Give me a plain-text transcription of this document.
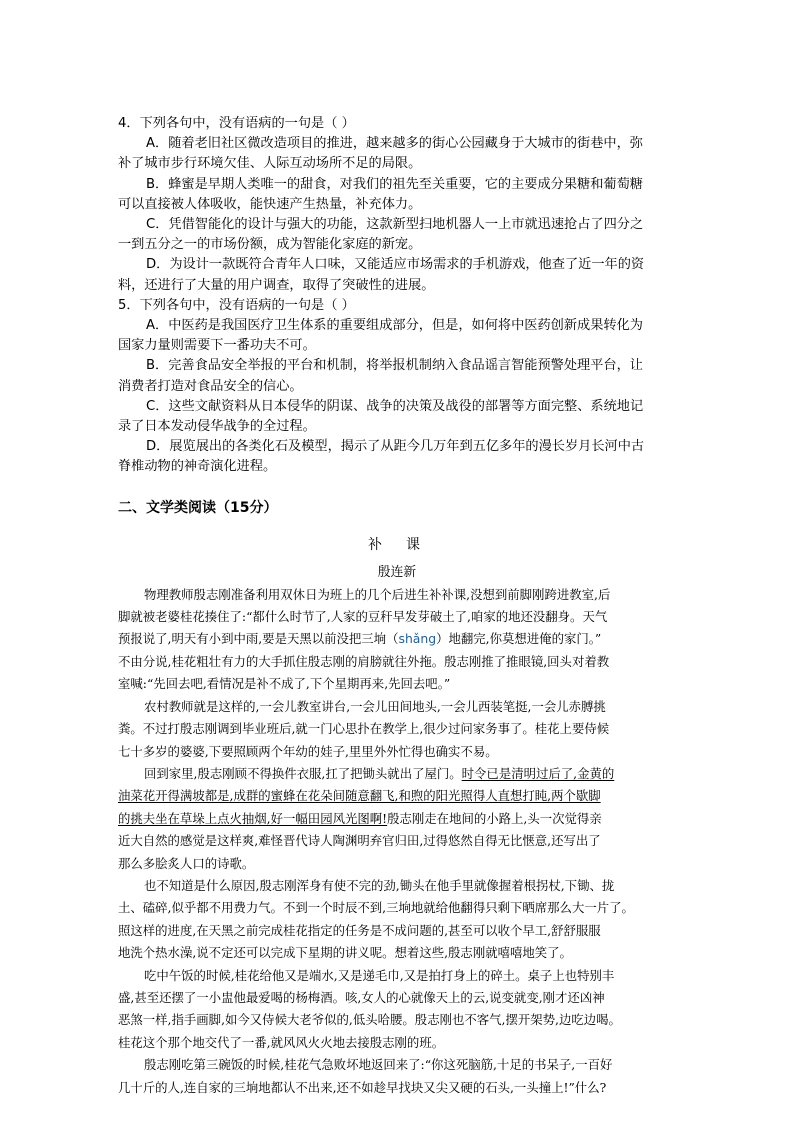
4．下列各句中，没有语病的一句是（ ）
A．随着老旧社区微改造项目的推进，越来越多的街心公园藏身于大城市的街巷中，弥
补了城市步行环境欠佳、人际互动场所不足的局限。
B．蜂蜜是早期人类唯一的甜食，对我们的祖先至关重要，它的主要成分果糖和葡萄糖
可以直接被人体吸收，能快速产生热量，补充体力。
C．凭借智能化的设计与强大的功能，这款新型扫地机器人一上市就迅速抢占了四分之
一到五分之一的市场份额，成为智能化家庭的新宠。
D．为设计一款既符合青年人口味，又能适应市场需求的手机游戏，他查了近一年的资
料，还进行了大量的用户调查，取得了突破性的进展。
5．下列各句中，没有语病的一句是（ ）
A．中医药是我国医疗卫生体系的重要组成部分，但是，如何将中医药创新成果转化为
国家力量则需要下一番功夫不可。
B．完善食品安全举报的平台和机制，将举报机制纳入食品谣言智能预警处理平台，让
消费者打造对食品安全的信心。
C．这些文献资料从日本侵华的阴谋、战争的决策及战役的部署等方面完整、系统地记
录了日本发动侵华战争的全过程。
D．展览展出的各类化石及模型，揭示了从距今几万年到五亿多年的漫长岁月长河中古
脊椎动物的神奇演化进程。
二、文学类阅读（15分）
补课
殷连新

物理教师殷志刚准备利用双休日为班上的几个后进生补补课,没想到前脚刚跨进教室,后
脚就被老婆桂花揍住了:“都什么时节了,人家的豆秆早发芽破土了,咱家的地还没翻身。天气
预报说了,明天有小到中雨,要是天黑以前没把三垧（shǎng）地翻完,你莫想进俺的家门。”
不由分说,桂花粗壮有力的大手抓住殷志刚的肩膀就往外拖。殷志刚推了推眼镜,回头对着教
室喊:“先回去吧,看情况是补不成了,下个星期再来,先回去吧。”

农村教师就是这样的,一会儿教室讲台,一会儿田间地头,一会儿西装笔挺,一会儿赤膊挑
粪。不过打殷志刚调到毕业班后,就一门心思扑在教学上,很少过问家务事了。桂花上要侍候
七十多岁的婆婆,下要照顾两个年幼的娃子,里里外外忙得也确实不易。

回到家里,殷志刚顾不得换件衣服,扛了把锄头就出了屋门。时令已是清明过后了,金黄的
油菜花开得满坡都是,成群的蜜蜂在花朵间随意翻飞,和煦的阳光照得人直想打盹,两个歇脚
的挑夫坐在草垛上点火抽烟,好一幅田园风光图啊!殷志刚走在地间的小路上,头一次觉得亲
近大自然的感觉是这样爽,难怪晋代诗人陶渊明弃官归田,过得悠然自得无比惬意,还写出了
那么多脍炙人口的诗歌。

也不知道是什么原因,殷志刚浑身有使不完的劲,锄头在他手里就像握着根拐杖,下锄、拢
土、磕碎,似乎都不用费力气。不到一个时辰不到,三垧地就给他翻得只剩下晒席那么大一片了。
照这样的进度,在天黑之前完成桂花指定的任务是不成问题的,甚至可以收个早工,舒舒服服
地洗个热水澡,说不定还可以完成下星期的讲义呢。想着这些,殷志刚就嘻嘻地笑了。

吃中午饭的时候,桂花给他又是端水,又是递毛巾,又是拍打身上的碎土。桌子上也特别丰
盛,甚至还摆了一小盅他最爱喝的杨梅酒。咳,女人的心就像天上的云,说变就变,刚才还凶神
恶煞一样,指手画脚,如今又侍候大老爷似的,低头哈腰。殷志刚也不客气,摆开架势,边吃边喝。
桂花这个那个地交代了一番,就风风火火地去接殷志刚的班。

殷志刚吃第三碗饭的时候,桂花气急败坏地返回来了:“你这死脑筋,十足的书呆子,一百好
几十斤的人,连自家的三垧地都认不出来,还不如趁早找块又尖又硬的石头,一头撞上!”什么?
